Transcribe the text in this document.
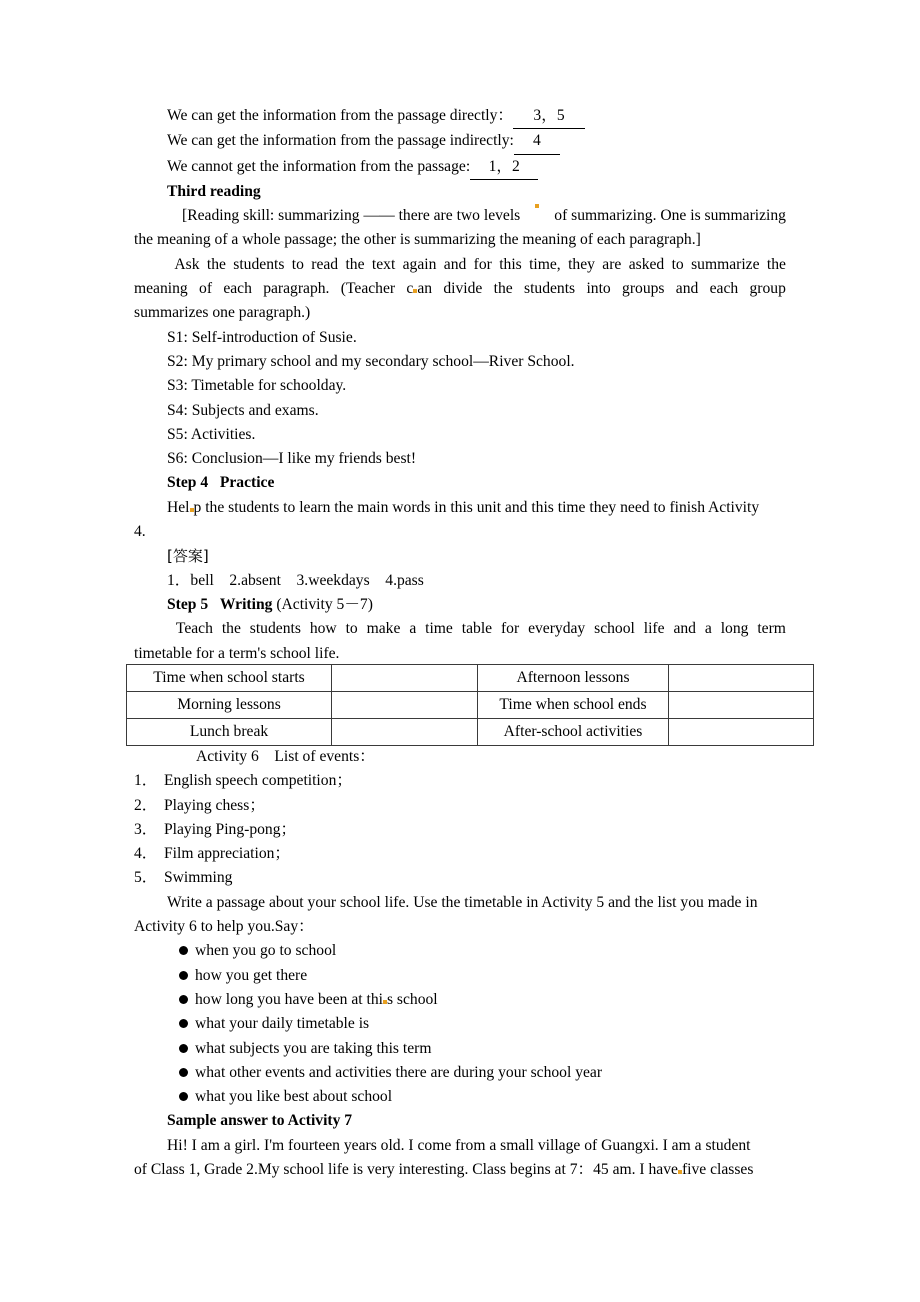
We can get the information from the passage directly： 3，5
We can get the information from the passage indirectly: 4
We cannot get the information from the passage: 1，2
Third reading
[Reading skill: summarizing —— there are two levels of summarizing. One is summarizing
the meaning of a whole passage; the other is summarizing the meaning of each paragraph.]
Ask the students to read the text again and for this time, they are asked to summarize the
meaning of each paragraph. (Teacher c an divide the students into groups and each group
summarizes one paragraph.)
S1: Self-introduction of Susie.
S2: My primary school and my secondary school—River School.
S3: Timetable for schoolday.
S4: Subjects and exams.
S5: Activities.
S6: Conclusion—I like my friends best!
Step 4 Practice
Hel p the students to learn the main words in this unit and this time they need to finish Activity
4.
[答案]
1．bell　2.absent　3.weekdays　4.pass
Step 5 Writing (Activity 5－7)
Teach the students how to make a time table for everyday school life and a long term
timetable for a term's school life.
Time when school starts		Afternoon lessons	
Morning lessons		Time when school ends	
Lunch break		After-school activities	
Activity 6　List of events：
1． English speech competition；
2． Playing chess；
3． Playing Ping-pong；
4． Film appreciation；
5． Swimming
Write a passage about your school life. Use the timetable in Activity 5 and the list you made in
Activity 6 to help you.Say：
when you go to school
how you get there
how long you have been at thi s school
what your daily timetable is
what subjects you are taking this term
what other events and activities there are during your school year
what you like best about school
Sample answer to Activity 7
Hi! I am a girl. I'm fourteen years old. I come from a small village of Guangxi. I am a student
of Class 1, Grade 2.My school life is very interesting. Class begins at 7：45 am. I have five classes
